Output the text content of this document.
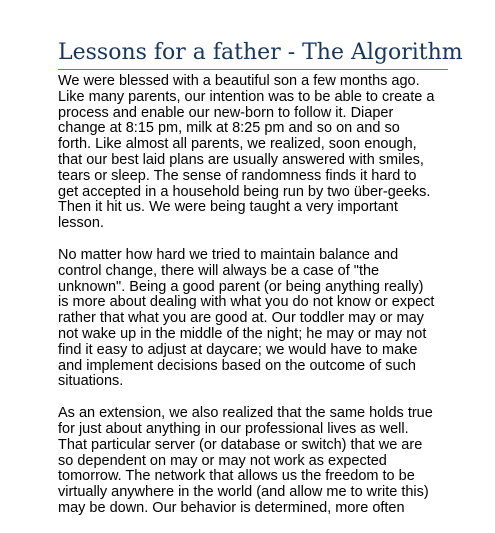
Lessons for a father - The Algorithm

We were blessed with a beautiful son a few months ago.
Like many parents, our intention was to be able to create a
process and enable our new-born to follow it. Diaper
change at 8:15 pm, milk at 8:25 pm and so on and so
forth. Like almost all parents, we realized, soon enough,
that our best laid plans are usually answered with smiles,
tears or sleep. The sense of randomness finds it hard to
get accepted in a household being run by two über-geeks.
Then it hit us. We were being taught a very important
lesson.

No matter how hard we tried to maintain balance and
control change, there will always be a case of "the
unknown". Being a good parent (or being anything really)
is more about dealing with what you do not know or expect
rather that what you are good at. Our toddler may or may
not wake up in the middle of the night; he may or may not
find it easy to adjust at daycare; we would have to make
and implement decisions based on the outcome of such
situations.

As an extension, we also realized that the same holds true
for just about anything in our professional lives as well.
That particular server (or database or switch) that we are
so dependent on may or may not work as expected
tomorrow. The network that allows us the freedom to be
virtually anywhere in the world (and allow me to write this)
may be down. Our behavior is determined, more often
